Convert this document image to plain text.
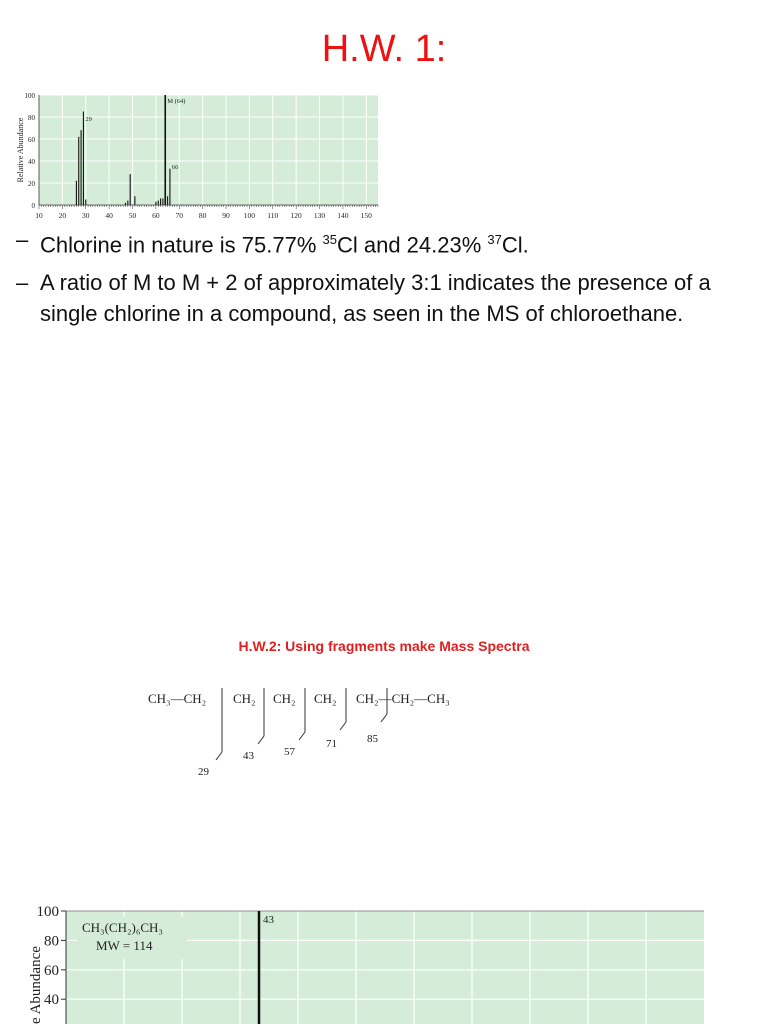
H.W. 1:
0
20
40
60
80
100
10 20 30 40 50 60 70 80 90 100 110 120 130 140 150
29
M (64)
66
Relative Abundance
– Chlorine in nature is 75.77% $^{35}$Cl and 24.23% $^{37}$Cl.
– A ratio of M to M + 2 of approximately 3:1 indicates the presence of a single chlorine in a compound, as seen in the MS of chloroethane.
H.W.2: Using fragments make Mass Spectra
CH₃—CH₂ CH₂ CH₂ CH₂ CH₂—CH₂—CH₃
29
43	57
71	85
100
80
60
40
43
e Abundance
CH₃(CH₂)₆CH₃
MW = 114
